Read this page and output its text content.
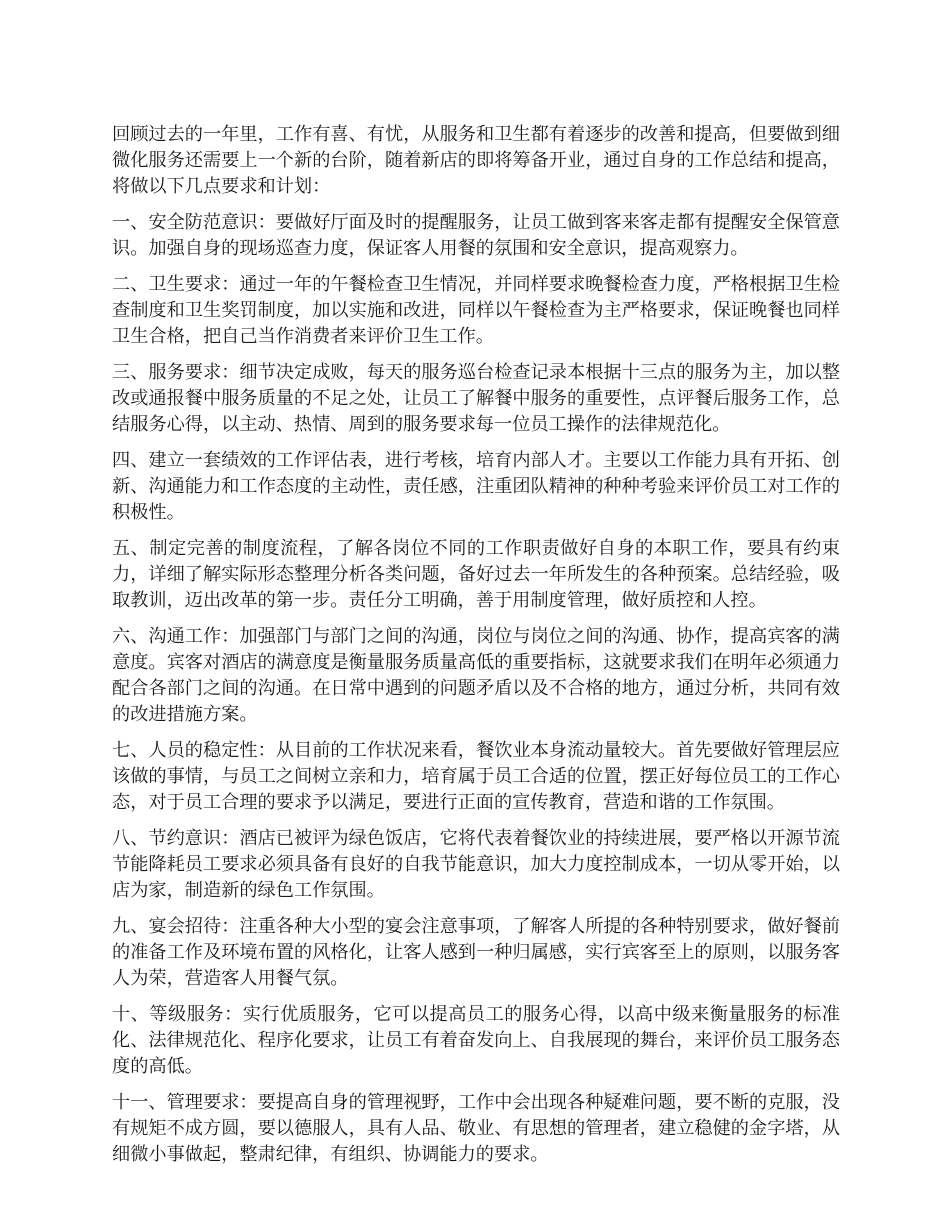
回顾过去的一年里，工作有喜、有忧，从服务和卫生都有着逐步的改善和提高，但要做到细微化服务还需要上一个新的台阶，随着新店的即将筹备开业，通过自身的工作总结和提高，将做以下几点要求和计划：

一、安全防范意识：要做好厅面及时的提醒服务，让员工做到客来客走都有提醒安全保管意识。加强自身的现场巡查力度，保证客人用餐的氛围和安全意识，提高观察力。

二、卫生要求：通过一年的午餐检查卫生情况，并同样要求晚餐检查力度，严格根据卫生检查制度和卫生奖罚制度，加以实施和改进，同样以午餐检查为主严格要求，保证晚餐也同样卫生合格，把自己当作消费者来评价卫生工作。

三、服务要求：细节决定成败，每天的服务巡台检查记录本根据十三点的服务为主，加以整改或通报餐中服务质量的不足之处，让员工了解餐中服务的重要性，点评餐后服务工作，总结服务心得，以主动、热情、周到的服务要求每一位员工操作的法律规范化。

四、建立一套绩效的工作评估表，进行考核，培育内部人才。主要以工作能力具有开拓、创新、沟通能力和工作态度的主动性，责任感，注重团队精神的种种考验来评价员工对工作的积极性。

五、制定完善的制度流程，了解各岗位不同的工作职责做好自身的本职工作，要具有约束力，详细了解实际形态整理分析各类问题，备好过去一年所发生的各种预案。总结经验，吸取教训，迈出改革的第一步。责任分工明确，善于用制度管理，做好质控和人控。

六、沟通工作：加强部门与部门之间的沟通，岗位与岗位之间的沟通、协作，提高宾客的满意度。宾客对酒店的满意度是衡量服务质量高低的重要指标，这就要求我们在明年必须通力配合各部门之间的沟通。在日常中遇到的问题矛盾以及不合格的地方，通过分析，共同有效的改进措施方案。

七、人员的稳定性：从目前的工作状况来看，餐饮业本身流动量较大。首先要做好管理层应该做的事情，与员工之间树立亲和力，培育属于员工合适的位置，摆正好每位员工的工作心态，对于员工合理的要求予以满足，要进行正面的宣传教育，营造和谐的工作氛围。

八、节约意识：酒店已被评为绿色饭店，它将代表着餐饮业的持续进展，要严格以开源节流节能降耗员工要求必须具备有良好的自我节能意识，加大力度控制成本，一切从零开始，以店为家，制造新的绿色工作氛围。

九、宴会招待：注重各种大小型的宴会注意事项，了解客人所提的各种特别要求，做好餐前的准备工作及环境布置的风格化，让客人感到一种归属感，实行宾客至上的原则，以服务客人为荣，营造客人用餐气氛。

十、等级服务：实行优质服务，它可以提高员工的服务心得，以高中级来衡量服务的标准化、法律规范化、程序化要求，让员工有着奋发向上、自我展现的舞台，来评价员工服务态度的高低。

十一、管理要求：要提高自身的管理视野，工作中会出现各种疑难问题，要不断的克服，没有规矩不成方圆，要以德服人，具有人品、敬业、有思想的管理者，建立稳健的金字塔，从细微小事做起，整肃纪律，有组织、协调能力的要求。
